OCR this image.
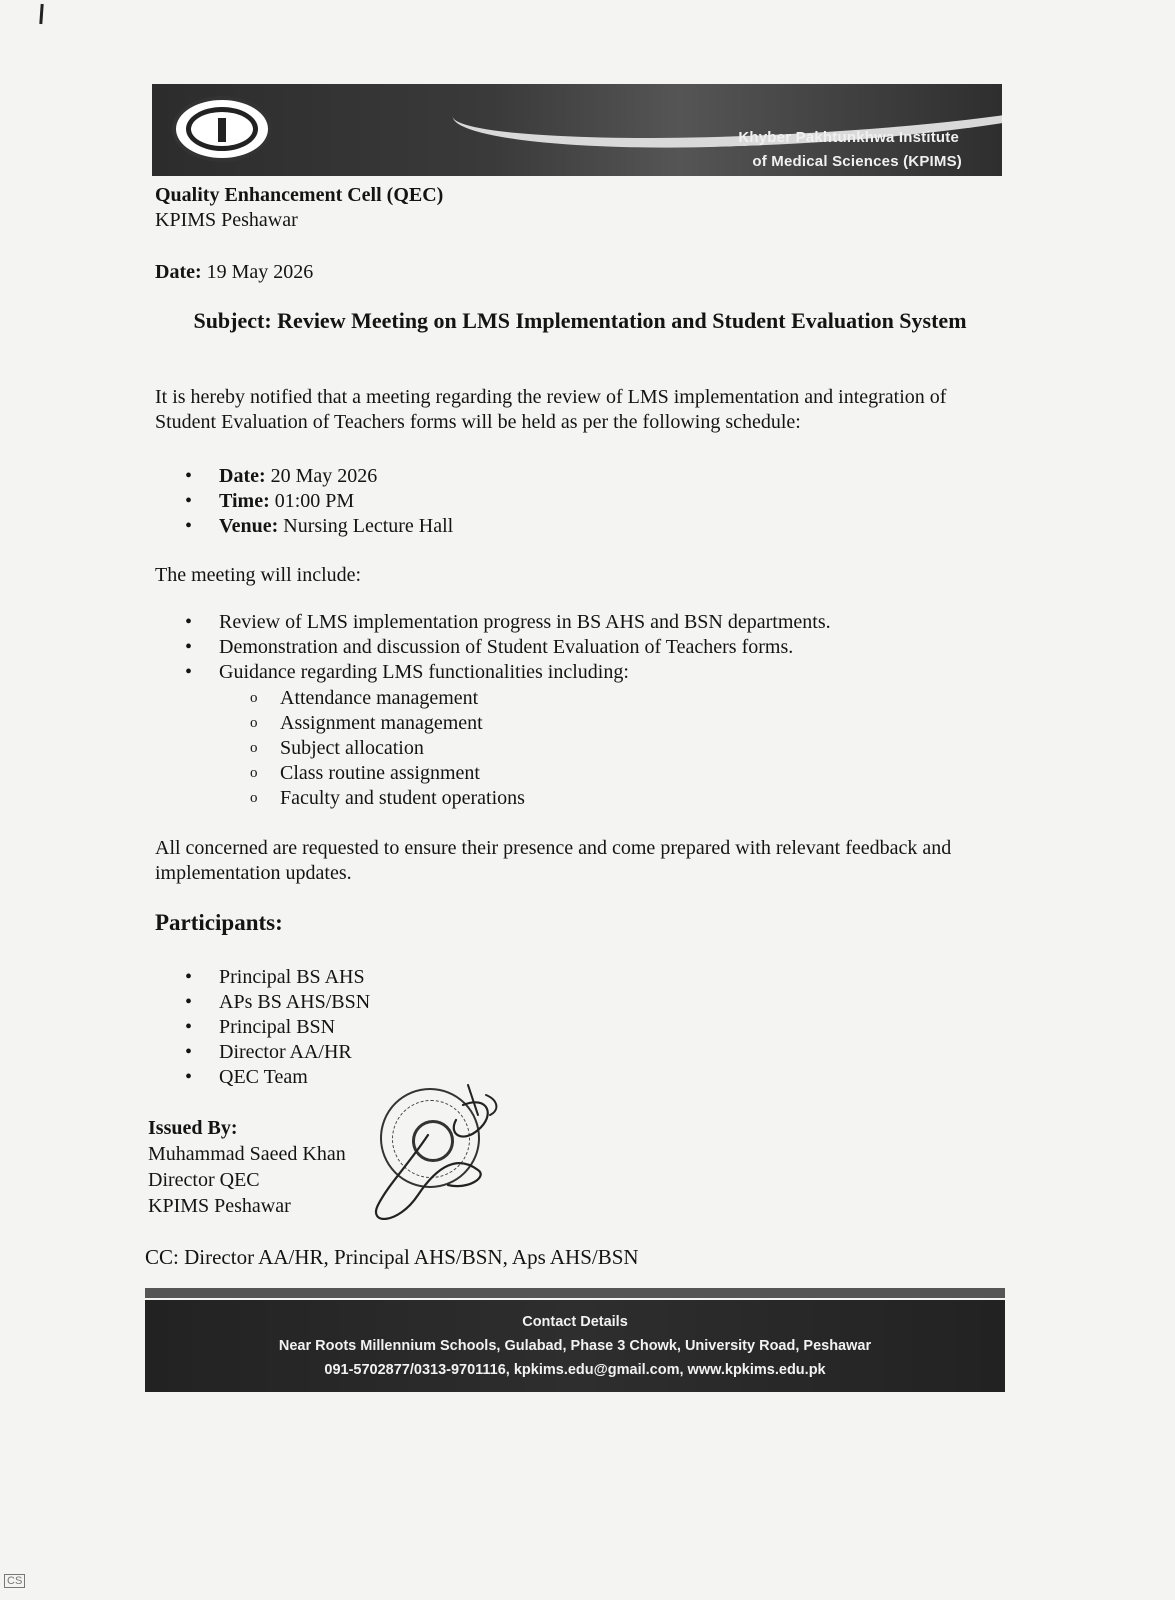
Khyber Pakhtunkhwa Institute
of Medical Sciences (KPIMS)
Quality Enhancement Cell (QEC)
KPIMS Peshawar
Date: 19 May 2026
Subject: Review Meeting on LMS Implementation and Student Evaluation System
It is hereby notified that a meeting regarding the review of LMS implementation and integration of Student Evaluation of Teachers forms will be held as per the following schedule:
• Date: 20 May 2026
• Time: 01:00 PM
• Venue: Nursing Lecture Hall
The meeting will include:
• Review of LMS implementation progress in BS AHS and BSN departments.
• Demonstration and discussion of Student Evaluation of Teachers forms.
• Guidance regarding LMS functionalities including:
o Attendance management
o Assignment management
o Subject allocation
o Class routine assignment
o Faculty and student operations
All concerned are requested to ensure their presence and come prepared with relevant feedback and implementation updates.
Participants:
• Principal BS AHS
• APs BS AHS/BSN
• Principal BSN
• Director AA/HR
• QEC Team
Issued By:
Muhammad Saeed Khan
Director QEC
KPIMS Peshawar
CC: Director AA/HR, Principal AHS/BSN, Aps AHS/BSN
Contact Details
Near Roots Millennium Schools, Gulabad, Phase 3 Chowk, University Road, Peshawar
091-5702877/0313-9701116, kpkims.edu@gmail.com, www.kpkims.edu.pk
CS
